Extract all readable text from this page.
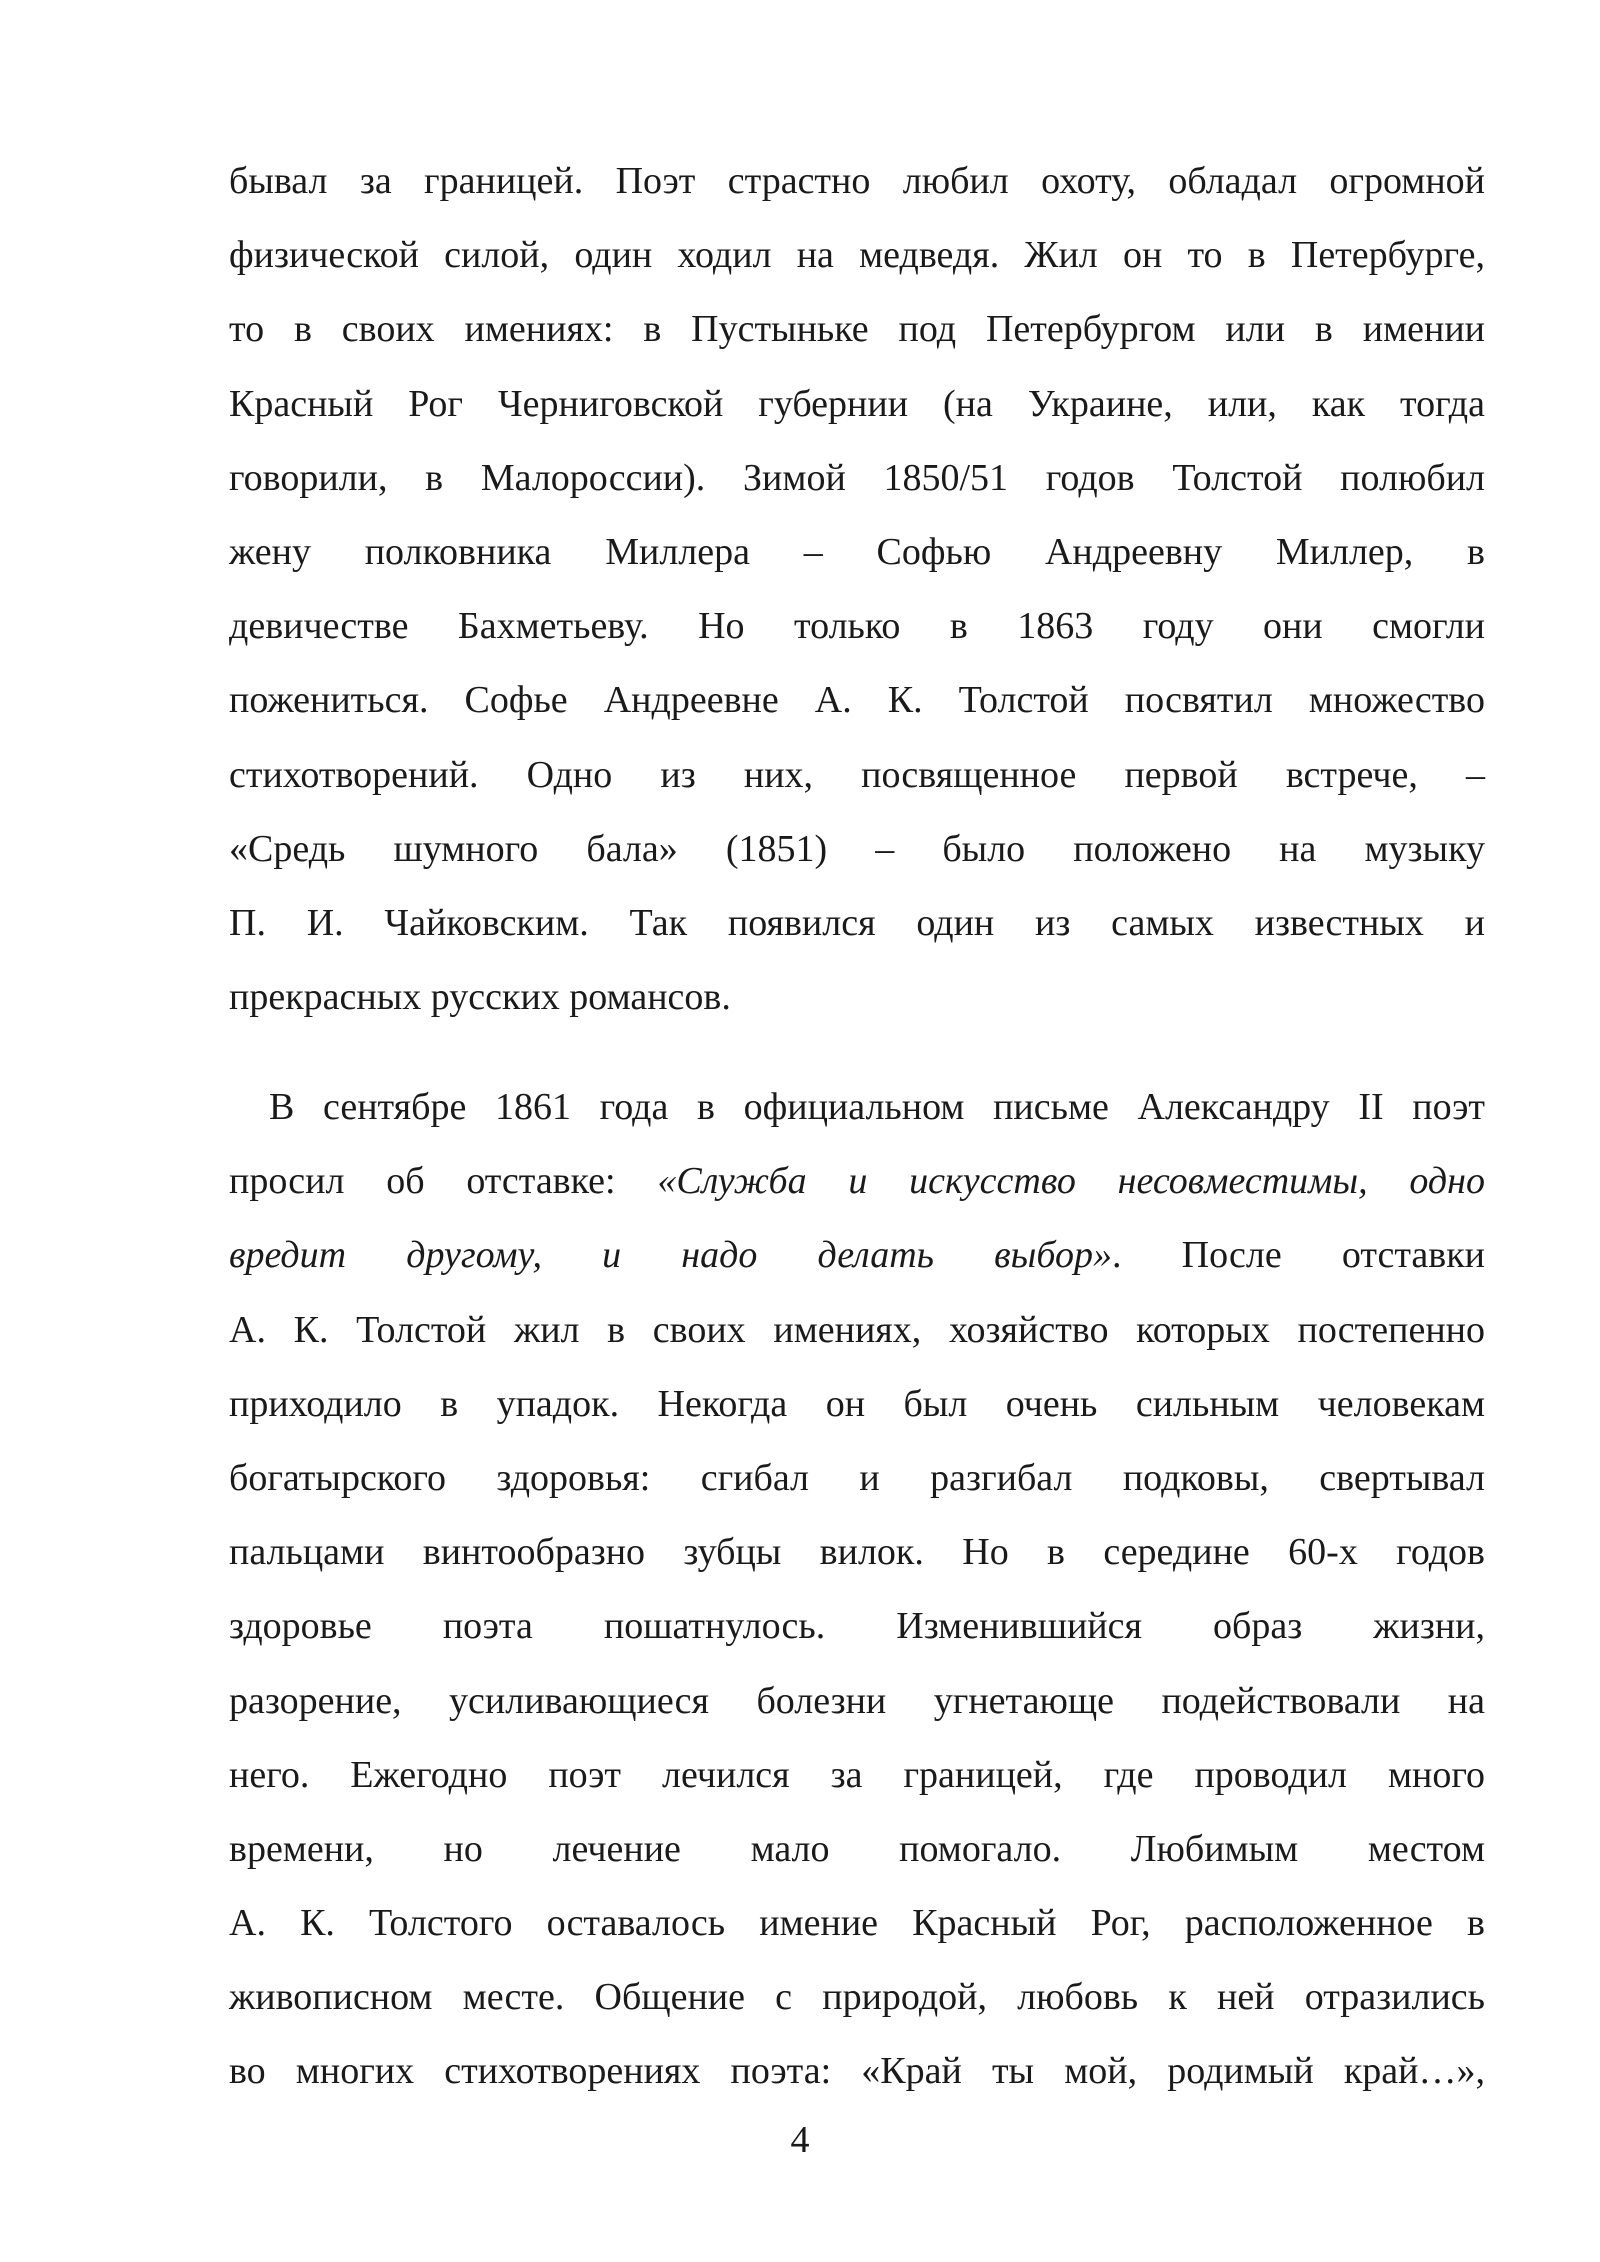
бывал за границей. Поэт страстно любил охоту, обладал огромной
физической силой, один ходил на медведя. Жил он то в Петербурге,
то в своих имениях: в Пустыньке под Петербургом или в имении
Красный Рог Черниговской губернии (на Украине, или, как тогда
говорили, в Малороссии). Зимой 1850/51 годов Толстой полюбил
жену полковника Миллера – Софью Андреевну Миллер, в
девичестве Бахметьеву. Но только в 1863 году они смогли
пожениться. Софье Андреевне А. К. Толстой посвятил множество
стихотворений. Одно из них, посвященное первой встрече, –
«Средь шумного бала» (1851) – было положено на музыку
П. И. Чайковским. Так появился один из самых известных и
прекрасных русских романсов.
В сентябре 1861 года в официальном письме Александру II поэт
просил об отставке: «Служба и искусство несовместимы, одно
вредит другому, и надо делать выбор». После отставки
А. К. Толстой жил в своих имениях, хозяйство которых постепенно
приходило в упадок. Некогда он был очень сильным человекам
богатырского здоровья: сгибал и разгибал подковы, свертывал
пальцами винтообразно зубцы вилок. Но в середине 60-х годов
здоровье поэта пошатнулось. Изменившийся образ жизни,
разорение, усиливающиеся болезни угнетающе подействовали на
него. Ежегодно поэт лечился за границей, где проводил много
времени, но лечение мало помогало. Любимым местом
А. К. Толстого оставалось имение Красный Рог, расположенное в
живописном месте. Общение с природой, любовь к ней отразились
во многих стихотворениях поэта: «Край ты мой, родимый край…»,
4
